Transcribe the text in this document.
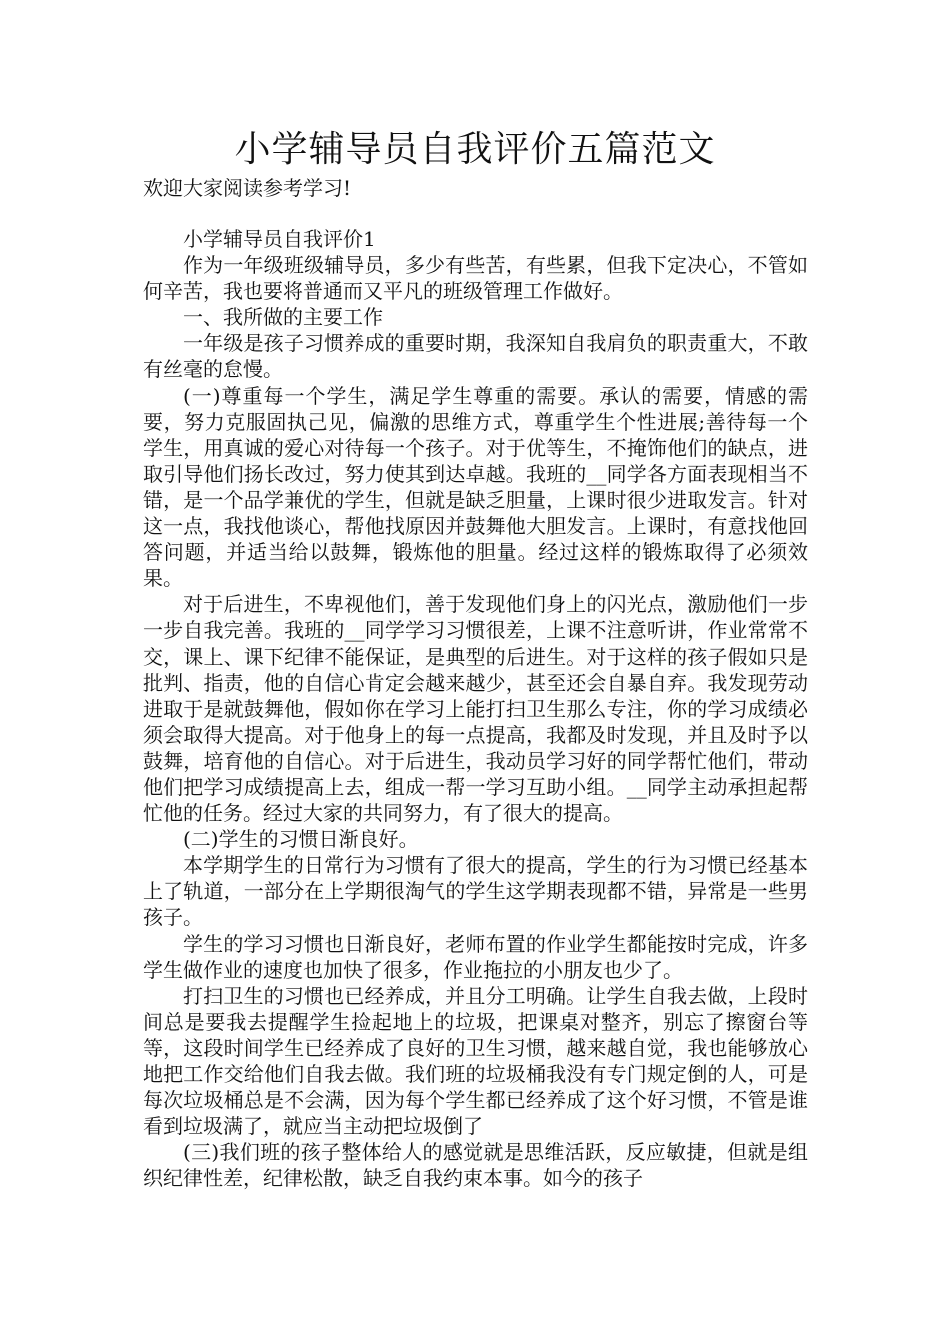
小学辅导员自我评价五篇范文

欢迎大家阅读参考学习!

小学辅导员自我评价1

作为一年级班级辅导员，多少有些苦，有些累，但我下定决心，不管如何辛苦，我也要将普通而又平凡的班级管理工作做好。

一、我所做的主要工作

一年级是孩子习惯养成的重要时期，我深知自我肩负的职责重大，不敢有丝毫的怠慢。

(一)尊重每一个学生，满足学生尊重的需要。承认的需要，情感的需要，努力克服固执己见，偏激的思维方式，尊重学生个性进展;善待每一个学生，用真诚的爱心对待每一个孩子。对于优等生，不掩饰他们的缺点，进取引导他们扬长改过，努力使其到达卓越。我班的__同学各方面表现相当不错，是一个品学兼优的学生，但就是缺乏胆量，上课时很少进取发言。针对这一点，我找他谈心，帮他找原因并鼓舞他大胆发言。上课时，有意找他回答问题，并适当给以鼓舞，锻炼他的胆量。经过这样的锻炼取得了必须效果。

对于后进生，不卑视他们，善于发现他们身上的闪光点，激励他们一步一步自我完善。我班的__同学学习习惯很差，上课不注意听讲，作业常常不交，课上、课下纪律不能保证，是典型的后进生。对于这样的孩子假如只是批判、指责，他的自信心肯定会越来越少，甚至还会自暴自弃。我发现劳动进取于是就鼓舞他，假如你在学习上能打扫卫生那么专注，你的学习成绩必须会取得大提高。对于他身上的每一点提高，我都及时发现，并且及时予以鼓舞，培育他的自信心。对于后进生，我动员学习好的同学帮忙他们，带动他们把学习成绩提高上去，组成一帮一学习互助小组。__同学主动承担起帮忙他的任务。经过大家的共同努力，有了很大的提高。

(二)学生的习惯日渐良好。

本学期学生的日常行为习惯有了很大的提高，学生的行为习惯已经基本上了轨道，一部分在上学期很淘气的学生这学期表现都不错，异常是一些男孩子。

学生的学习习惯也日渐良好，老师布置的作业学生都能按时完成，许多学生做作业的速度也加快了很多，作业拖拉的小朋友也少了。

打扫卫生的习惯也已经养成，并且分工明确。让学生自我去做，上段时间总是要我去提醒学生捡起地上的垃圾，把课桌对整齐，别忘了擦窗台等等，这段时间学生已经养成了良好的卫生习惯，越来越自觉，我也能够放心地把工作交给他们自我去做。我们班的垃圾桶我没有专门规定倒的人，可是每次垃圾桶总是不会满，因为每个学生都已经养成了这个好习惯，不管是谁看到垃圾满了，就应当主动把垃圾倒了

(三)我们班的孩子整体给人的感觉就是思维活跃，反应敏捷，但就是组织纪律性差，纪律松散，缺乏自我约束本事。如今的孩子
